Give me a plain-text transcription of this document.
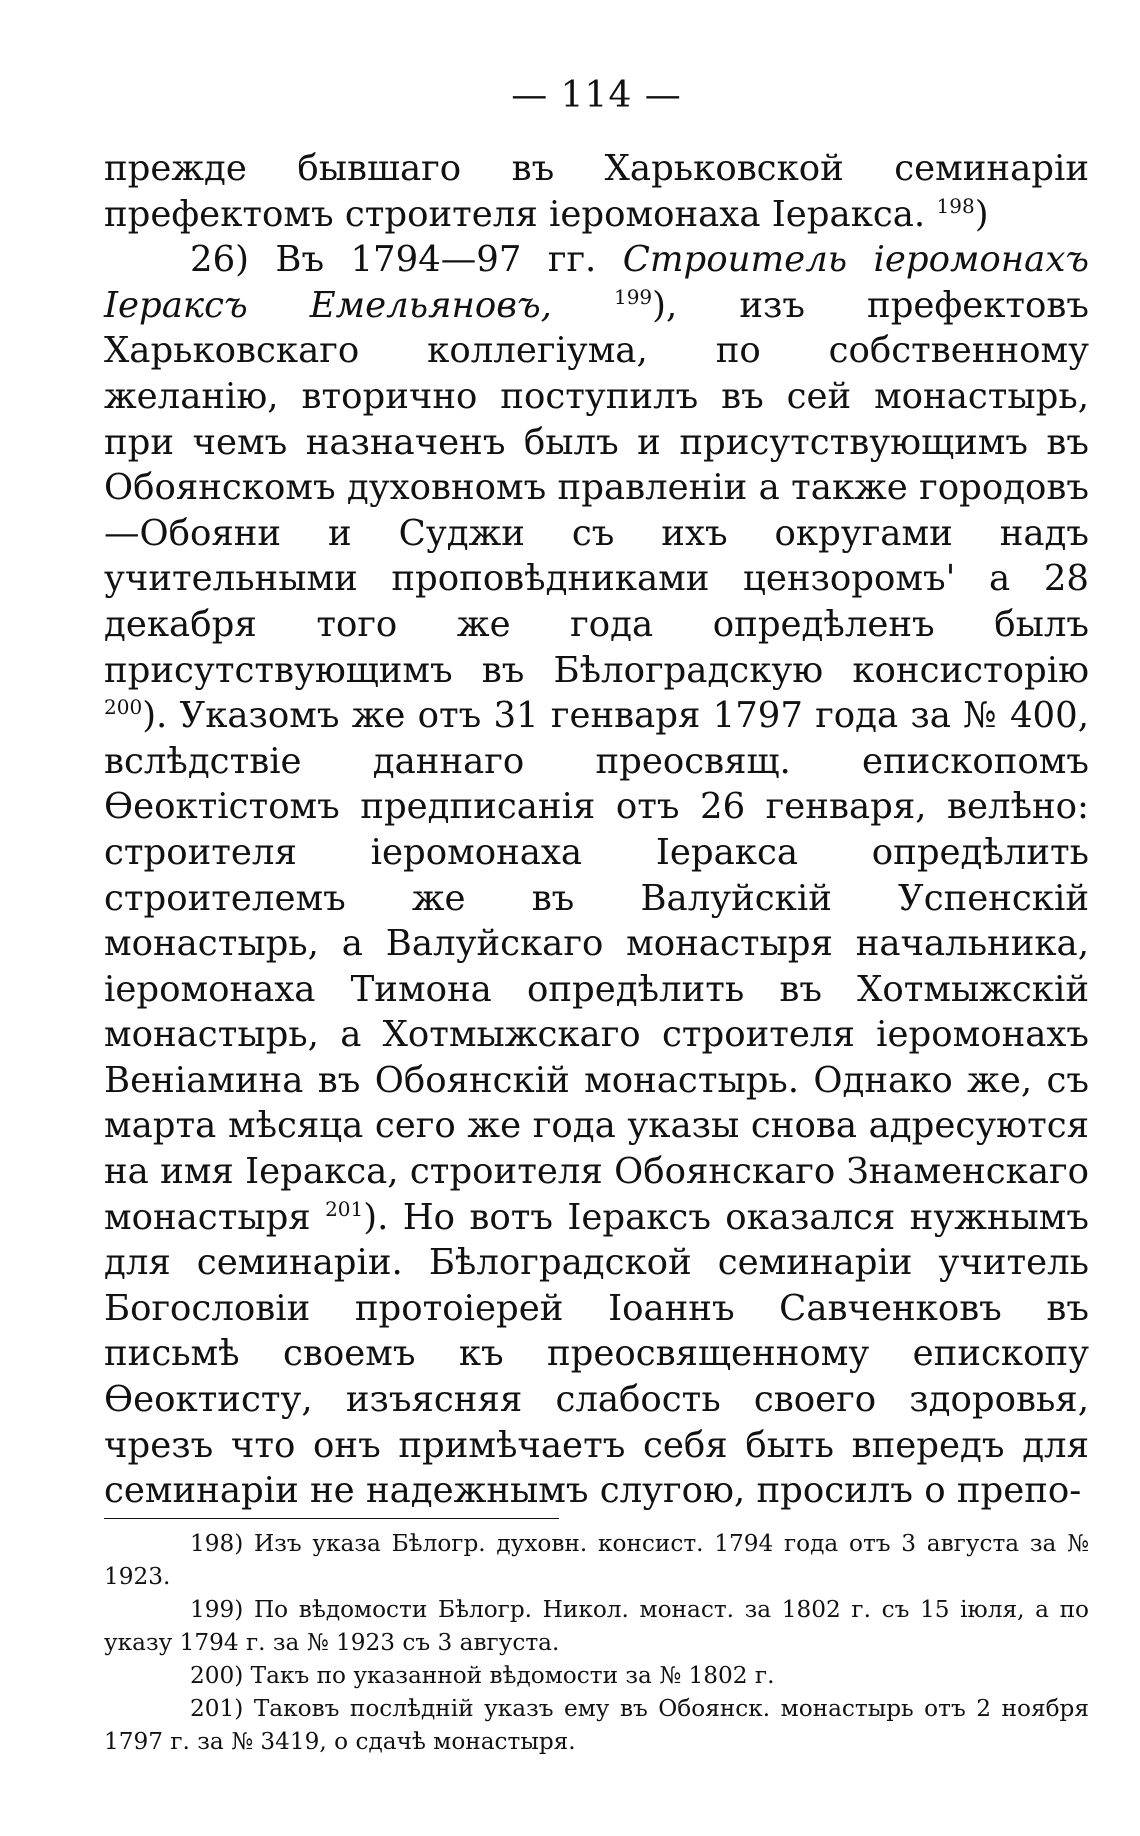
— 114 —

прежде бывшаго въ Харьковской семинаріи префектомъ строителя іеромонаха Іеракса. $^{198}$)

26) Въ 1794—97 гг. Строитель іеромонахъ Іераксъ Емельяновъ,	$^{199}$), изъ префектовъ Харьковскаго коллегіума, по собственному желанію, вторично поступилъ въ сей монастырь, при чемъ назначенъ былъ и присутствующимъ въ Обоянскомъ духовномъ правленіи а также городовъ—Обояни и Суджи съ ихъ округами надъ учительными проповѣдниками цензоромъ' а 28 декабря того же года опредѣленъ былъ присутствующимъ въ Бѣлоградскую консисторію $^{200}$). Указомъ же отъ 31 генваря 1797 года за № 400, вслѣдствіе даннаго преосвящ. епископомъ Ѳеоктістомъ предписанія отъ 26 генваря, велѣно: строителя іеромонаха Іеракса опредѣлить строителемъ же въ Валуйскій Успенскій монастырь, а Валуйскаго монастыря начальника, іеромонаха Тимона опредѣлить въ Хотмыжскій монастырь, а Хотмыжскаго строителя іеромонахъ Веніамина въ Обоянскій монастырь. Однако же, съ марта мѣсяца сего же года указы снова адресуются на имя Іеракса, строителя Обоянскаго Знаменскаго монастыря $^{201}$). Но вотъ Іераксъ оказался нужнымъ для семинаріи. Бѣлоградской семинаріи учитель Богословіи протоіерей Іоаннъ Савченковъ въ письмѣ своемъ къ преосвященному епископу Ѳеоктисту, изъясняя слабость своего здоровья, чрезъ что онъ примѣчаетъ себя быть впередъ для семинаріи не надежнымъ слугою, просилъ о препо-

198) Изъ указа Бѣлогр. духовн. консист. 1794 года отъ 3 августа за № 1923.

199) По вѣдомости Бѣлогр. Никол. монаст. за 1802 г. съ 15 іюля, а по указу 1794 г. за № 1923 съ 3 августа.

200) Такъ по указанной вѣдомости за № 1802 г.

201) Таковъ послѣдній указъ ему въ Обоянск. монастырь отъ 2 ноября 1797 г. за № 3419, о сдачѣ монастыря.
